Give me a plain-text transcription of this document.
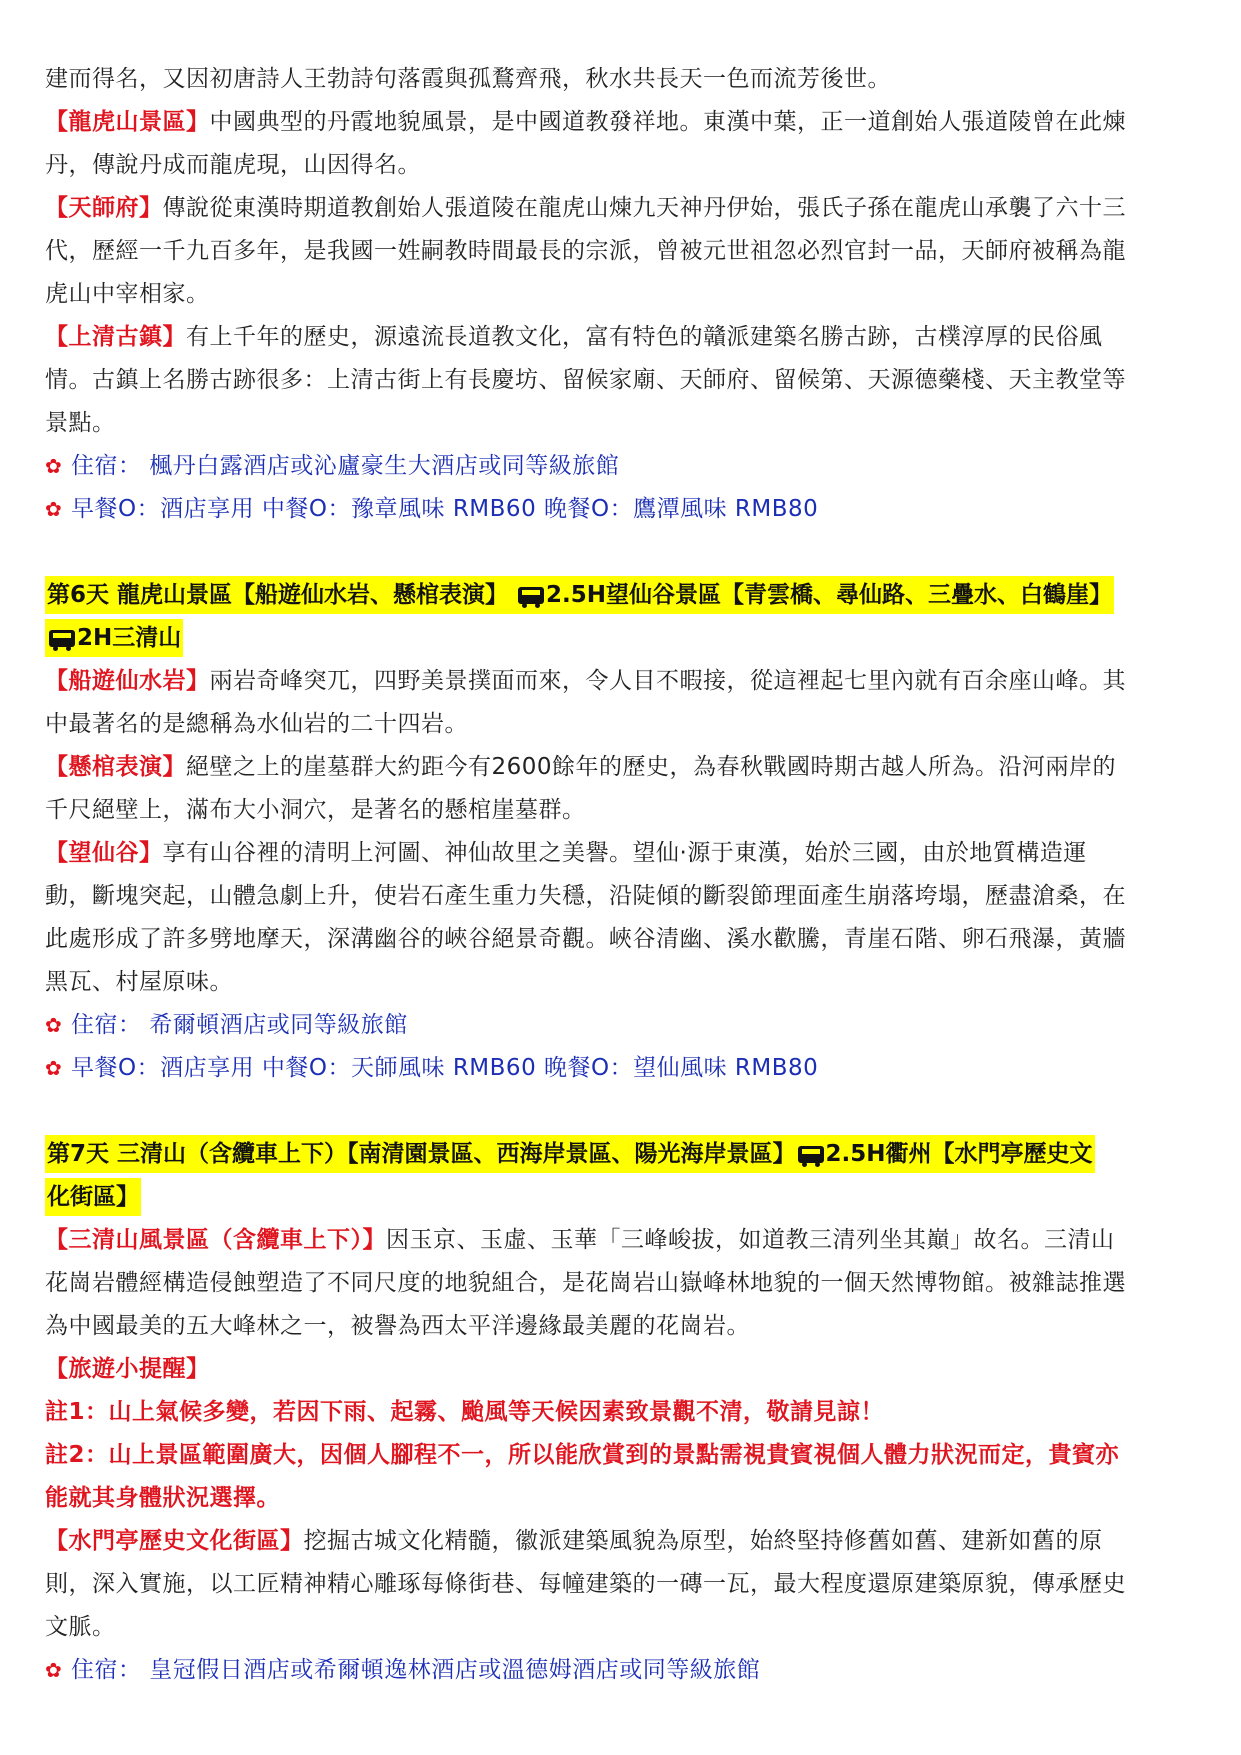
建而得名，又因初唐詩人王勃詩句落霞與孤鶩齊飛，秋水共長天一色而流芳後世。
【龍虎山景區】中國典型的丹霞地貌風景，是中國道教發祥地。東漢中葉，正一道創始人張道陵曾在此煉
丹，傳說丹成而龍虎現，山因得名。
【天師府】傳說從東漢時期道教創始人張道陵在龍虎山煉九天神丹伊始，張氏子孫在龍虎山承襲了六十三
代，歷經一千九百多年，是我國一姓嗣教時間最長的宗派，曾被元世祖忽必烈官封一品，天師府被稱為龍
虎山中宰相家。
【上清古鎮】有上千年的歷史，源遠流長道教文化，富有特色的贛派建築名勝古跡，古樸淳厚的民俗風
情。古鎮上名勝古跡很多：上清古街上有長慶坊、留候家廟、天師府、留候第、天源德藥棧、天主教堂等
景點。
✿ 住宿： 楓丹白露酒店或沁廬豪生大酒店或同等級旅館
✿ 早餐O：酒店享用 中餐O：豫章風味 RMB60 晚餐O：鷹潭風味 RMB80
第6天 龍虎山景區【船遊仙水岩、懸棺表演】 2.5H望仙谷景區【青雲橋、尋仙路、三疊水、白鶴崖】
2H三清山
【船遊仙水岩】兩岩奇峰突兀，四野美景撲面而來，令人目不暇接，從這裡起七里內就有百余座山峰。其
中最著名的是總稱為水仙岩的二十四岩。
【懸棺表演】絕壁之上的崖墓群大約距今有2600餘年的歷史，為春秋戰國時期古越人所為。沿河兩岸的
千尺絕壁上，滿布大小洞穴，是著名的懸棺崖墓群。
【望仙谷】享有山谷裡的清明上河圖、神仙故里之美譽。望仙·源于東漢，始於三國，由於地質構造運
動，斷塊突起，山體急劇上升，使岩石產生重力失穩，沿陡傾的斷裂節理面產生崩落垮塌，歷盡滄桑，在
此處形成了許多劈地摩天，深溝幽谷的峽谷絕景奇觀。峽谷清幽、溪水歡騰，青崖石階、卵石飛瀑，黃牆
黑瓦、村屋原味。
✿ 住宿： 希爾頓酒店或同等級旅館
✿ 早餐O：酒店享用 中餐O：天師風味 RMB60 晚餐O：望仙風味 RMB80
第7天 三清山（含纜車上下）【南清園景區、西海岸景區、陽光海岸景區】 2.5H衢州【水門亭歷史文
化街區】
【三清山風景區（含纜車上下）】因玉京、玉虛、玉華「三峰峻拔，如道教三清列坐其巔」故名。三清山
花崗岩體經構造侵蝕塑造了不同尺度的地貌組合，是花崗岩山嶽峰林地貌的一個天然博物館。被雜誌推選
為中國最美的五大峰林之一，被譽為西太平洋邊緣最美麗的花崗岩。
【旅遊小提醒】
註1：山上氣候多變，若因下雨、起霧、颱風等天候因素致景觀不清，敬請見諒！
註2：山上景區範圍廣大，因個人腳程不一，所以能欣賞到的景點需視貴賓視個人體力狀況而定，貴賓亦
能就其身體狀況選擇。
【水門亭歷史文化街區】挖掘古城文化精髓，徽派建築風貌為原型，始終堅持修舊如舊、建新如舊的原
則，深入實施，以工匠精神精心雕琢每條街巷、每幢建築的一磚一瓦，最大程度還原建築原貌，傳承歷史
文脈。
✿ 住宿： 皇冠假日酒店或希爾頓逸林酒店或溫德姆酒店或同等級旅館
